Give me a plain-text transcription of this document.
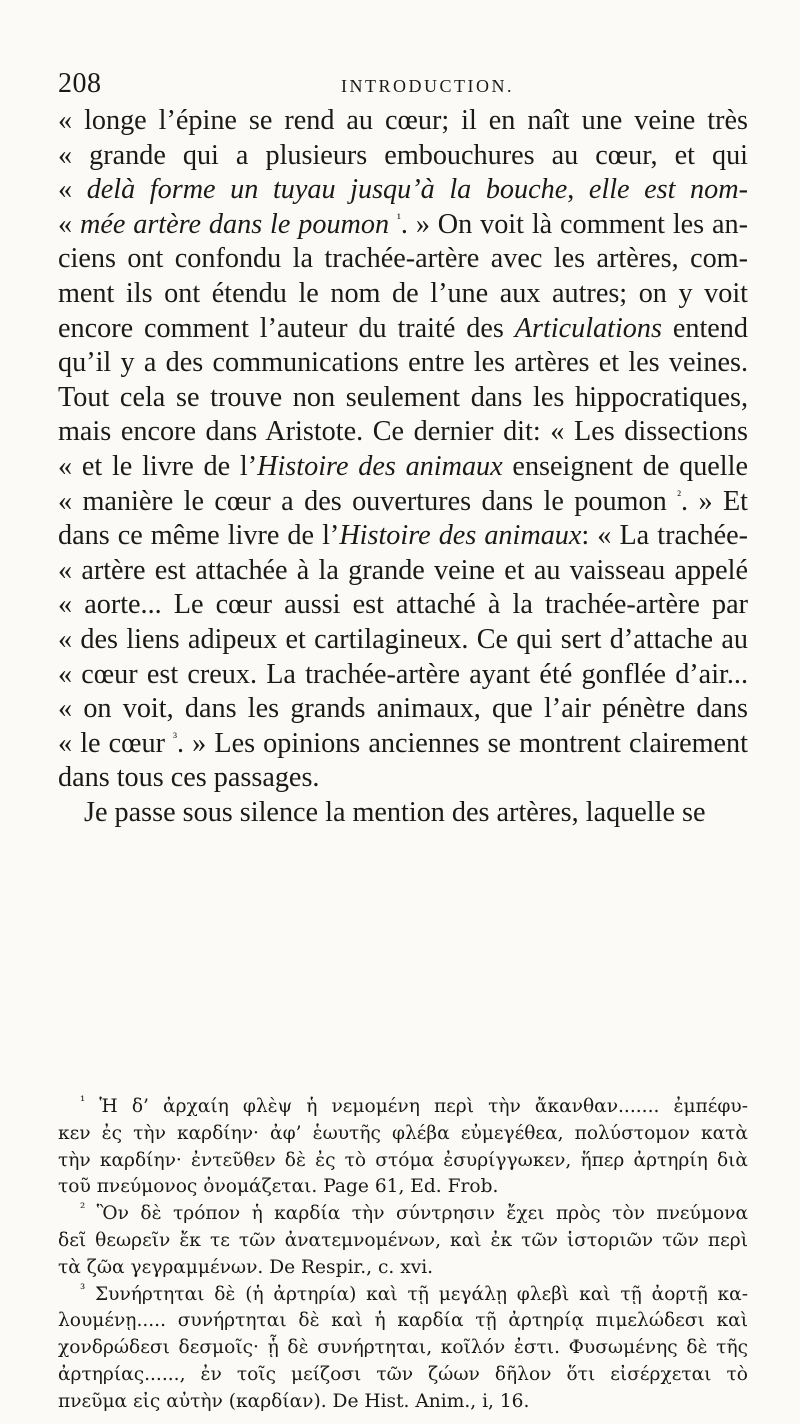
208	INTRODUCTION.
« longe l’épine se rend au cœur; il en naît une veine très
« grande qui a plusieurs embouchures au cœur, et qui
« delà forme un tuyau jusqu’à la bouche, elle est nom-
« mée artère dans le poumon $^{^1}$. » On voit là comment les an-
ciens ont confondu la trachée-artère avec les artères, com-
ment ils ont étendu le nom de l’une aux autres; on y voit
encore comment l’auteur du traité des Articulations entend
qu’il y a des communications entre les artères et les veines.
Tout cela se trouve non seulement dans les hippocratiques,
mais encore dans Aristote. Ce dernier dit: « Les dissections
« et le livre de l’Histoire des animaux enseignent de quelle
« manière le cœur a des ouvertures dans le poumon $^{^2}$. » Et
dans ce même livre de l’Histoire des animaux: « La trachée-
« artère est attachée à la grande veine et au vaisseau appelé
« aorte... Le cœur aussi est attaché à la trachée-artère par
« des liens adipeux et cartilagineux. Ce qui sert d’attache au
« cœur est creux. La trachée-artère ayant été gonflée d’air...
« on voit, dans les grands animaux, que l’air pénètre dans
« le cœur $^{^3}$. » Les opinions anciennes se montrent clairement
dans tous ces passages.
Je passe sous silence la mention des artères, laquelle se
$^{^1}$ Ἡ δ’ ἀρχαίη φλὲψ ἡ νεμομένη περὶ τὴν ἄκανθαν....... ἐμπέφυ-
κεν ἐς τὴν καρδίην· ἀφ’ ἑωυτῆς φλέβα εὐμεγέθεα, πολύστομον κατὰ
τὴν καρδίην· ἐντεῦθεν δὲ ἐς τὸ στόμα ἐσυρίγγωκεν, ἥπερ ἀρτηρίη διὰ
τοῦ πνεύμονος ὀνομάζεται. Page 61, Ed. Frob.
$^{^2}$ Ὃν δὲ τρόπον ἡ καρδία τὴν σύντρησιν ἔχει πρὸς τὸν πνεύμονα
δεῖ θεωρεῖν ἔκ τε τῶν ἀνατεμνομένων, καὶ ἐκ τῶν ἱστοριῶν τῶν περὶ
τὰ ζῶα γεγραμμένων. De Respir., c. xvi.
$^{^3}$ Συνήρτηται δὲ (ἡ ἀρτηρία) καὶ τῇ μεγάλῃ φλεβὶ καὶ τῇ ἀορτῇ κα-
λουμένῃ..... συνήρτηται δὲ καὶ ἡ καρδία τῇ ἀρτηρίᾳ πιμελώδεσι καὶ
χονδρώδεσι δεσμοῖς· ᾗ δὲ συνήρτηται, κοῖλόν ἐστι. Φυσωμένης δὲ τῆς
ἀρτηρίας......, ἐν τοῖς μείζοσι τῶν ζώων δῆλον ὅτι εἰσέρχεται τὸ
πνεῦμα εἰς αὐτὴν (καρδίαν). De Hist. Anim., i, 16.
